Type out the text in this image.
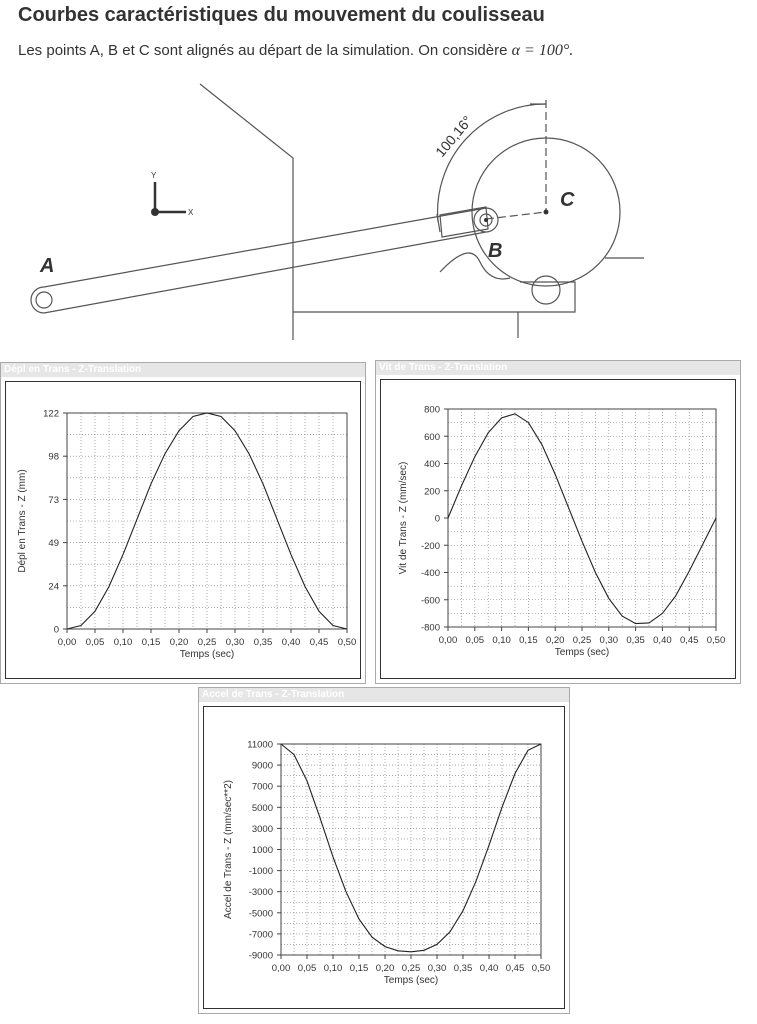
Courbes caractéristiques du mouvement du coulisseau

Les points A, B et C sont alignés au départ de la simulation. On considère α = 100°.

Y
X
100,16°
A
B
C
Dépl en Trans - Z-Translation
0,00 0,05 0,10 0,15 0,20 0,25 0,30 0,35 0,40 0,45 0,50
0
24
49
73
98
122
Temps (sec)
Dépl en Trans - Z (mm)
Vit de Trans - Z-Translation
0,00 0,05 0,10 0,15 0,20 0,25 0,30 0,35 0,40 0,45 0,50
-800
-600
-400
-200
0
200
400
600
800
Temps (sec)
Vit de Trans - Z (mm/sec)
Accel de Trans - Z-Translation
0,00 0,05 0,10 0,15 0,20 0,25 0,30 0,35 0,40 0,45 0,50
-9000
-7000
-5000
-3000
-1000
1000
3000
5000
7000
9000
11000
Temps (sec)
Accel de Trans - Z (mm/sec**2)
